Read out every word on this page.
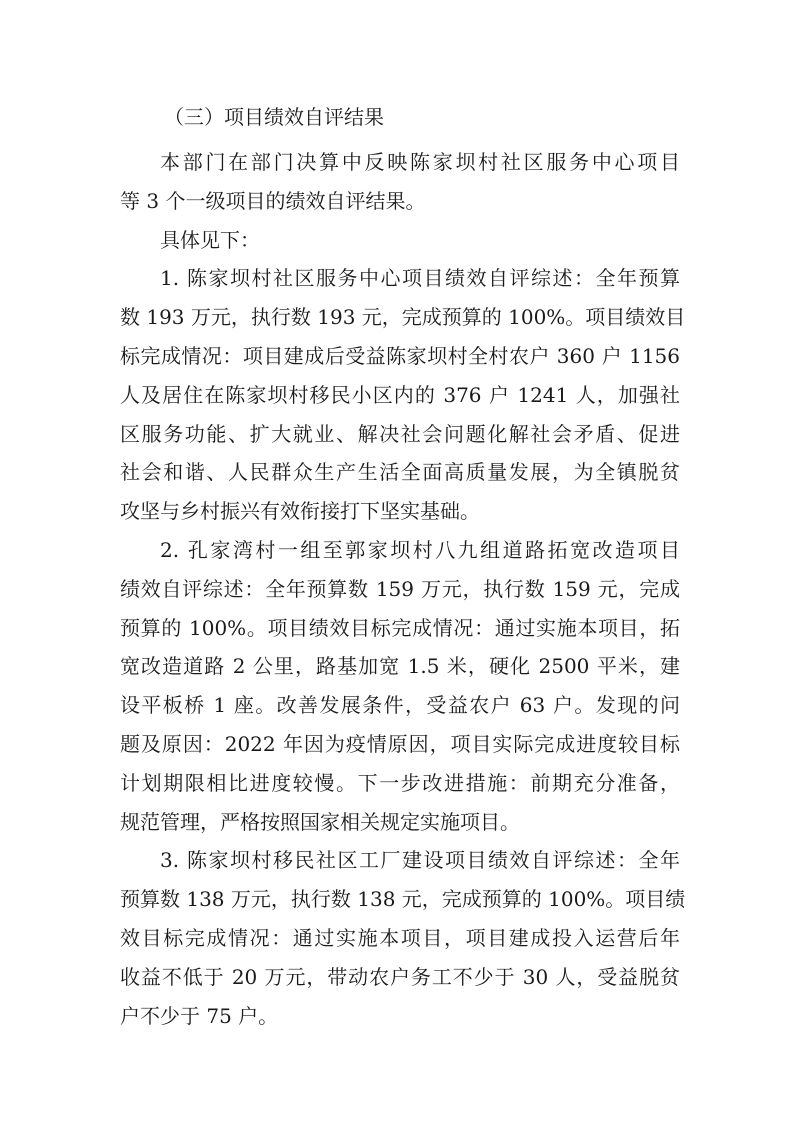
（三）项目绩效自评结果
本部门在部门决算中反映陈家坝村社区服务中心项目
等 3 个一级项目的绩效自评结果。
具体见下：
1. 陈家坝村社区服务中心项目绩效自评综述：全年预算
数 193 万元，执行数 193 元，完成预算的 100%。项目绩效目
标完成情况：项目建成后受益陈家坝村全村农户 360 户 1156
人及居住在陈家坝村移民小区内的 376 户 1241 人，加强社
区服务功能、扩大就业、解决社会问题化解社会矛盾、促进
社会和谐、人民群众生产生活全面高质量发展，为全镇脱贫
攻坚与乡村振兴有效衔接打下坚实基础。
2. 孔家湾村一组至郭家坝村八九组道路拓宽改造项目
绩效自评综述：全年预算数 159 万元，执行数 159 元，完成
预算的 100%。项目绩效目标完成情况：通过实施本项目，拓
宽改造道路 2 公里，路基加宽 1.5 米，硬化 2500 平米，建
设平板桥 1 座。改善发展条件，受益农户 63 户。发现的问
题及原因：2022 年因为疫情原因，项目实际完成进度较目标
计划期限相比进度较慢。下一步改进措施：前期充分准备，
规范管理，严格按照国家相关规定实施项目。
3. 陈家坝村移民社区工厂建设项目绩效自评综述：全年
预算数 138 万元，执行数 138 元，完成预算的 100%。项目绩
效目标完成情况：通过实施本项目，项目建成投入运营后年
收益不低于 20 万元，带动农户务工不少于 30 人，受益脱贫
户不少于 75 户。
